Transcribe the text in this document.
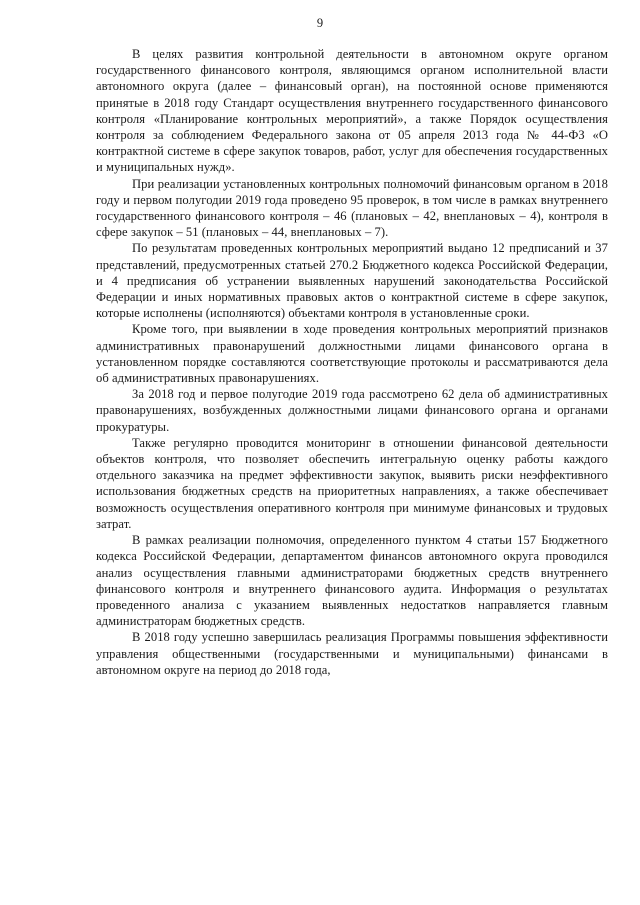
9

В целях развития контрольной деятельности в автономном округе органом государственного финансового контроля, являющимся органом исполнительной власти автономного округа (далее – финансовый орган), на постоянной основе применяются принятые в 2018 году Стандарт осуществления внутреннего государственного финансового контроля «Планирование контрольных мероприятий», а также Порядок осуществления контроля за соблюдением Федерального закона от 05 апреля 2013 года № 44-ФЗ «О контрактной системе в сфере закупок товаров, работ, услуг для обеспечения государственных и муниципальных нужд».

При реализации установленных контрольных полномочий финансовым органом в 2018 году и первом полугодии 2019 года проведено 95 проверок, в том числе в рамках внутреннего государственного финансового контроля – 46 (плановых – 42, внеплановых – 4), контроля в сфере закупок – 51 (плановых – 44, внеплановых – 7).

По результатам проведенных контрольных мероприятий выдано 12 предписаний и 37 представлений, предусмотренных статьей 270.2 Бюджетного кодекса Российской Федерации, и 4 предписания об устранении выявленных нарушений законодательства Российской Федерации и иных нормативных правовых актов о контрактной системе в сфере закупок, которые исполнены (исполняются) объектами контроля в установленные сроки.

Кроме того, при выявлении в ходе проведения контрольных мероприятий признаков административных правонарушений должностными лицами финансового органа в установленном порядке составляются соответствующие протоколы и рассматриваются дела об административных правонарушениях.

За 2018 год и первое полугодие 2019 года рассмотрено 62 дела об административных правонарушениях, возбужденных должностными лицами финансового органа и органами прокуратуры.

Также регулярно проводится мониторинг в отношении финансовой деятельности объектов контроля, что позволяет обеспечить интегральную оценку работы каждого отдельного заказчика на предмет эффективности закупок, выявить риски неэффективного использования бюджетных средств на приоритетных направлениях, а также обеспечивает возможность осуществления оперативного контроля при минимуме финансовых и трудовых затрат.

В рамках реализации полномочия, определенного пунктом 4 статьи 157 Бюджетного кодекса Российской Федерации, департаментом финансов автономного округа проводился анализ осуществления главными администраторами бюджетных средств внутреннего финансового контроля и внутреннего финансового аудита. Информация о результатах проведенного анализа с указанием выявленных недостатков направляется главным администраторам бюджетных средств.

В 2018 году успешно завершилась реализация Программы повышения эффективности управления общественными (государственными и муниципальными) финансами в автономном округе на период до 2018 года,
